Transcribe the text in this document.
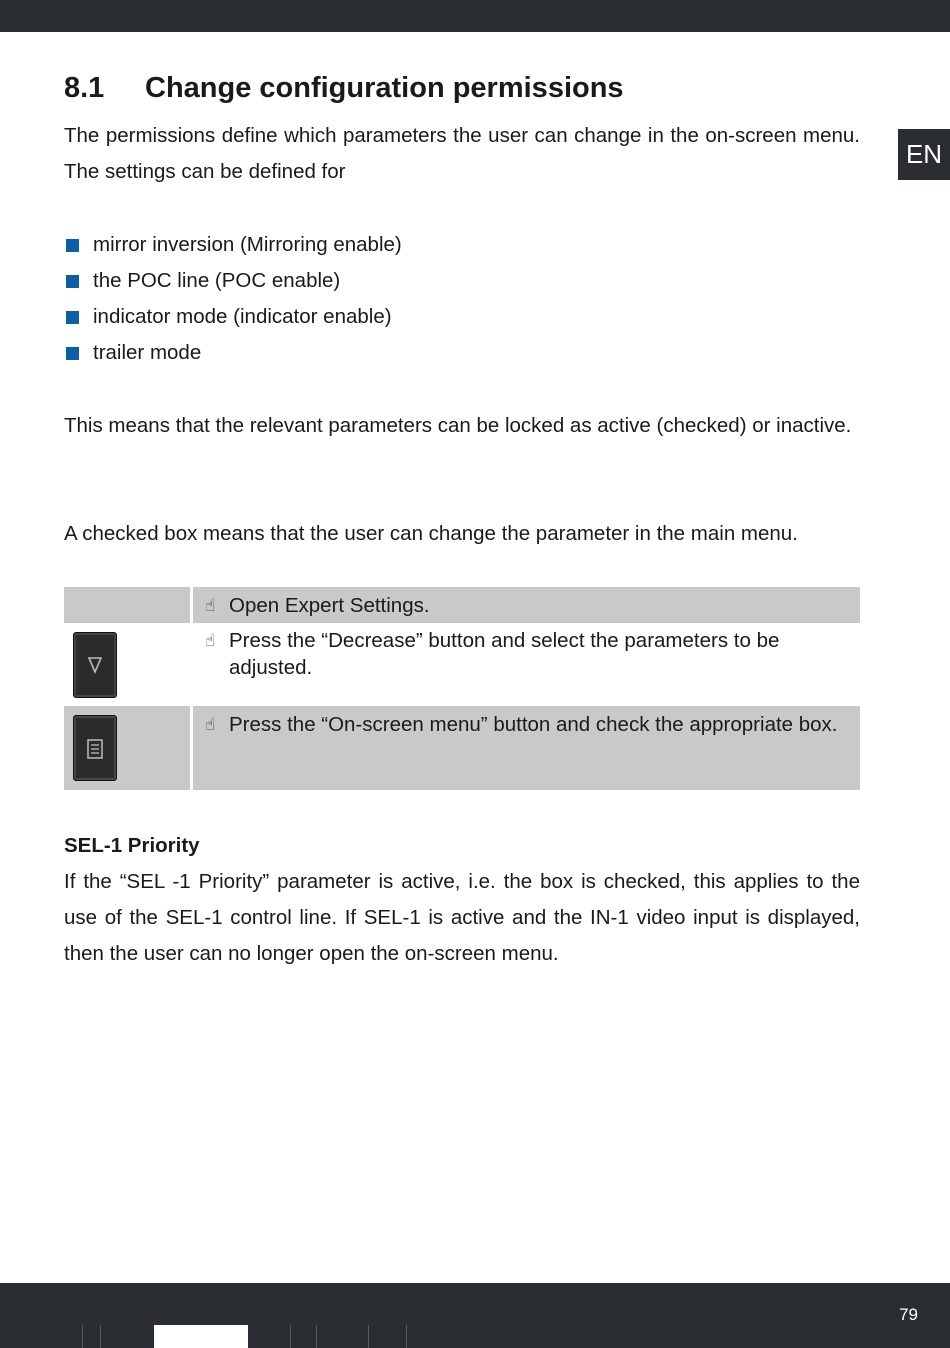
EN
8.1 Change configuration permissions

The permissions define which parameters the user can change in the on-screen menu. The settings can be defined for

mirror inversion (Mirroring enable)
the POC line (POC enable)
indicator mode (indicator enable)
trailer mode

This means that the relevant parameters can be locked as active (checked) or inactive.

A checked box means that the user can change the parameter in the main menu.

☝ Open Expert Settings.
☝ Press the “Decrease” button and select the parameters to be adjusted.
☝ Press the “On-screen menu” button and check the appropriate box.
SEL-1 Priority

If the “SEL -1 Priority” parameter is active, i.e. the box is checked, this applies to the use of the SEL-1 control line. If SEL-1 is active and the IN-1 video input is displayed, then the user can no longer open the on-screen menu.

79
